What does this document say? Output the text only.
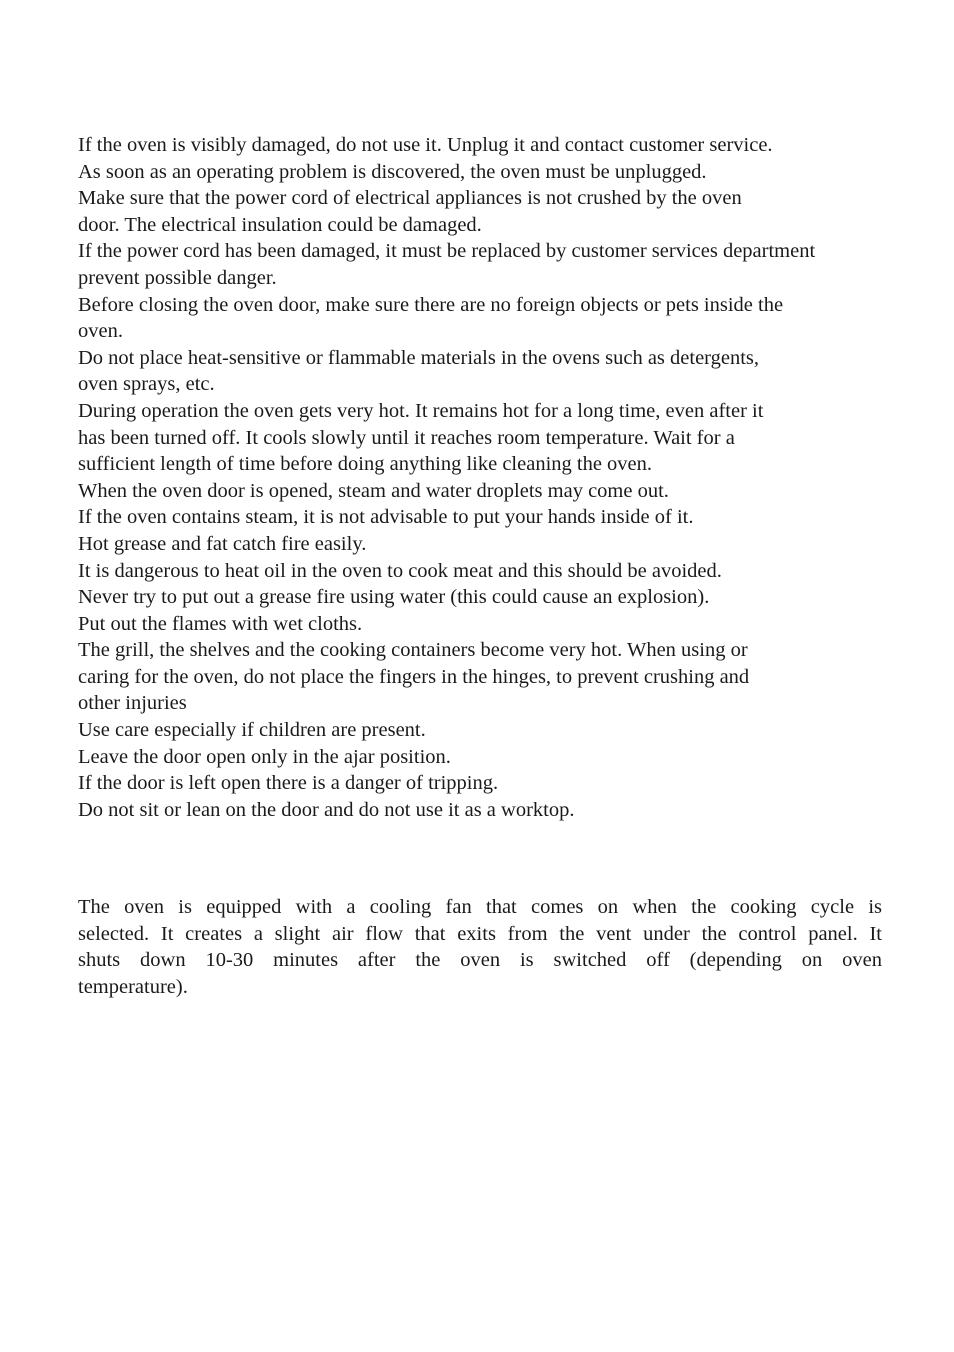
If the oven is visibly damaged, do not use it. Unplug it and contact customer service.

As soon as an operating problem is discovered, the oven must be unplugged.

Make sure that the power cord of electrical appliances is not crushed by the oven

door. The electrical insulation could be damaged.

If the power cord has been damaged, it must be replaced by customer services department

prevent possible danger.

Before closing the oven door, make sure there are no foreign objects or pets inside the

oven.

Do not place heat-sensitive or flammable materials in the ovens such as detergents,

oven sprays, etc.

During operation the oven gets very hot. It remains hot for a long time, even after it

has been turned off. It cools slowly until it reaches room temperature. Wait for a

sufficient length of time before doing anything like cleaning the oven.

When the oven door is opened, steam and water droplets may come out.

If the oven contains steam, it is not advisable to put your hands inside of it.

Hot grease and fat catch fire easily.

It is dangerous to heat oil in the oven to cook meat and this should be avoided.

Never try to put out a grease fire using water (this could cause an explosion).

Put out the flames with wet cloths.

The grill, the shelves and the cooking containers become very hot. When using or

caring for the oven, do not place the fingers in the hinges, to prevent crushing and

other injuries

Use care especially if children are present.

Leave the door open only in the ajar position.

If the door is left open there is a danger of tripping.

Do not sit or lean on the door and do not use it as a worktop.

The oven is equipped with a cooling fan that comes on when the cooking cycle is
selected. It creates a slight air flow that exits from the vent under the control panel. It
shuts down 10-30 minutes after the oven is switched off (depending on oven
temperature).
